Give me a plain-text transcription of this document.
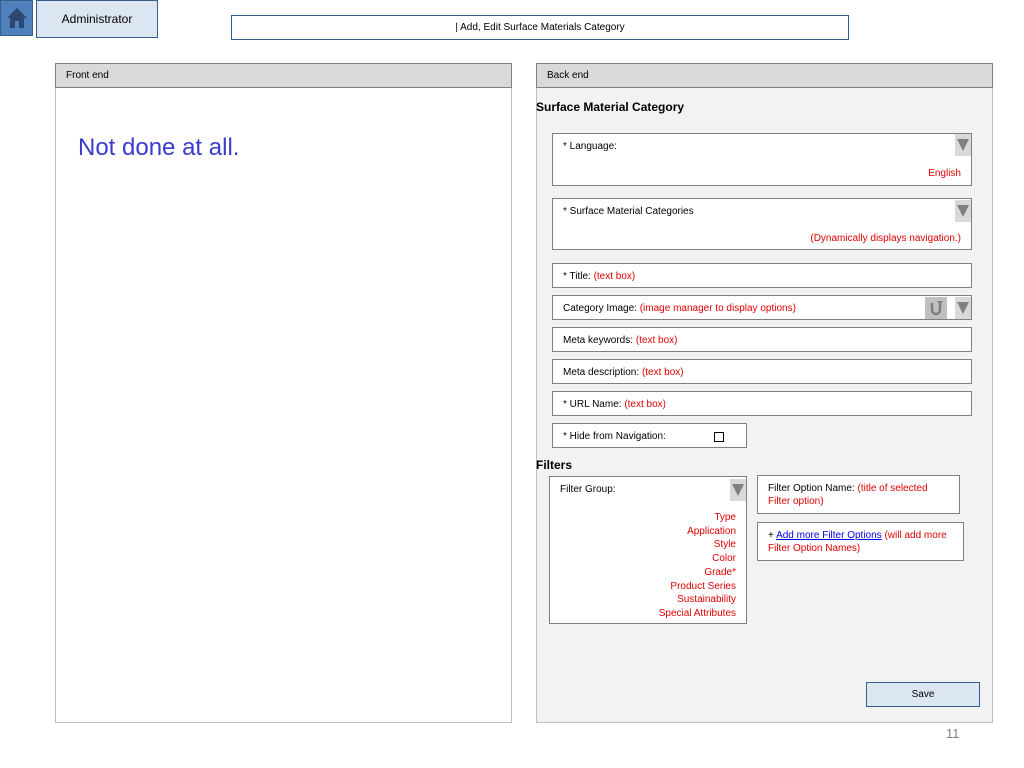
Administrator
| Add, Edit Surface Materials Category
Front end
Not done at all.
Back end
Surface Material Category
* Language:
English
* Surface Material Categories
(Dynamically displays navigation.)
* Title: (text box)
Category Image: (image manager to display options)
Meta keywords: (text box)
Meta description: (text box)
* URL Name: (text box)
* Hide from Navigation:
Filters
Filter Group:
Type
Application
Style
Color
Grade*
Product Series
Sustainability
Special Attributes
Filter Option Name: (title of selected Filter option)
+ Add more Filter Options (will add more Filter Option Names)
Save
11
